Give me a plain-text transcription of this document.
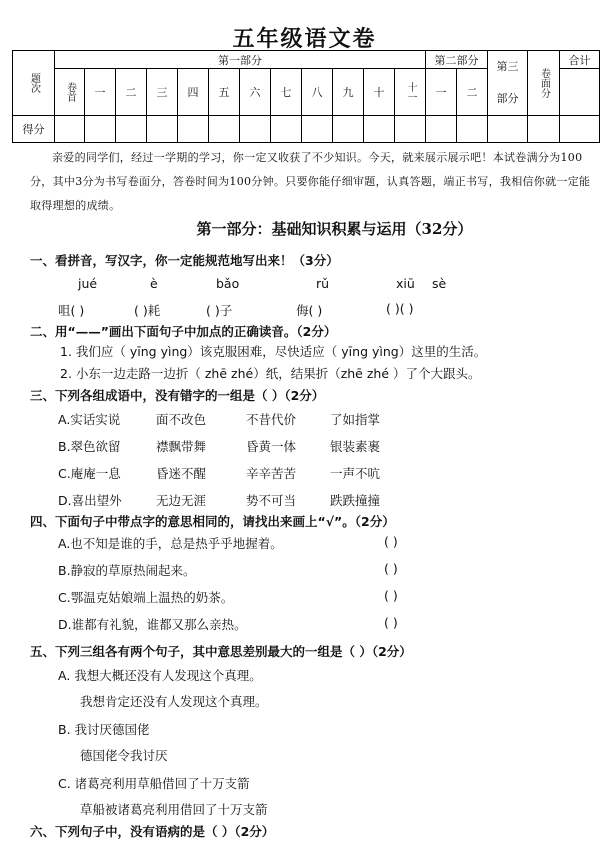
五年级语文卷
题次	第一部分												第二部分		第三部分	卷面分	合计

	卷首	一	二	三	四	五	六	七	八	九	十	十一	一	二			
得分																	
亲爱的同学们，经过一学期的学习，你一定又收获了不少知识。今天，就来展示展示吧！本试卷满分为100分，其中3分为书写卷面分，答卷时间为100分钟。只要你能仔细审题，认真答题，端正书写，我相信你就一定能取得理想的成绩。
第一部分：基础知识积累与运用（32分）
一、看拼音，写汉字，你一定能规范地写出来！（3分）
jué	è	bǎo	rǔ	xiū sè
咀( )	( )耗	( )子	侮( )	( )( )
二、用“——”画出下面句子中加点的正确读音。（2分）
1. 我们应（ yīng yìng）该克服困难，尽快适应（ yīng yìng）这里的生活。
2. 小东一边走路一边折（ zhē zhé）纸，结果折（zhē zhé ）了个大跟头。
三、下列各组成语中，没有错字的一组是（ ）（2分）
A.实话实说	面不改色	不昔代价	了如指掌
B.翠色欲留	襟飘带舞	昏黄一体	银装素裹
C.庵庵一息	昏迷不醒	辛辛苦苦	一声不吭
D.喜出望外	无边无涯	势不可当	跌跌撞撞
四、下面句子中带点字的意思相同的，请找出来画上“√”。（2分）
A.也不知是谁的手，总是热乎乎地握着。	( )
B.静寂的草原热闹起来。	( )
C.鄂温克姑娘端上温热的奶茶。	( )
D.谁都有礼貌，谁都又那么亲热。	( )
五、下列三组各有两个句子，其中意思差别最大的一组是（ ）（2分）
A. 我想大概还没有人发现这个真理。
我想肯定还没有人发现这个真理。
B. 我讨厌德国佬
德国佬令我讨厌
C. 诸葛亮利用草船借回了十万支箭
草船被诸葛亮利用借回了十万支箭
六、下列句子中，没有语病的是（ ）（2分）
